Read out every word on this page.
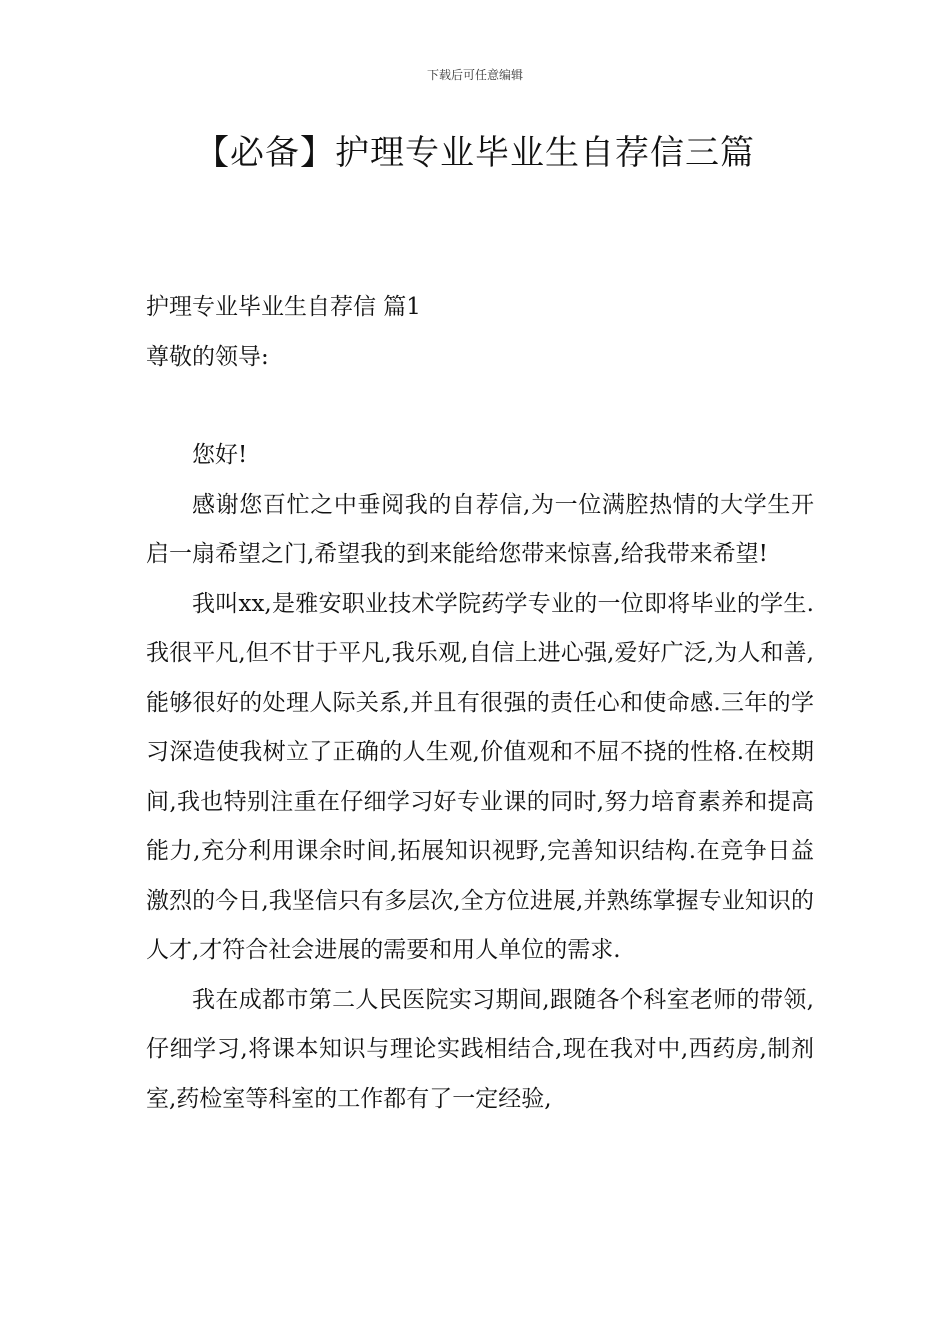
下载后可任意编辑
【必备】护理专业毕业生自荐信三篇

护理专业毕业生自荐信 篇1

尊敬的领导:

您好!

感谢您百忙之中垂阅我的自荐信,为一位满腔热情的大学生开启一扇希望之门,希望我的到来能给您带来惊喜,给我带来希望!

我叫xx,是雅安职业技术学院药学专业的一位即将毕业的学生.我很平凡,但不甘于平凡,我乐观,自信上进心强,爱好广泛,为人和善,能够很好的处理人际关系,并且有很强的责任心和使命感.三年的学习深造使我树立了正确的人生观,价值观和不屈不挠的性格.在校期间,我也特别注重在仔细学习好专业课的同时,努力培育素养和提高能力,充分利用课余时间,拓展知识视野,完善知识结构.在竞争日益激烈的今日,我坚信只有多层次,全方位进展,并熟练掌握专业知识的人才,才符合社会进展的需要和用人单位的需求.

我在成都市第二人民医院实习期间,跟随各个科室老师的带领,仔细学习,将课本知识与理论实践相结合,现在我对中,西药房,制剂室,药检室等科室的工作都有了一定经验,
